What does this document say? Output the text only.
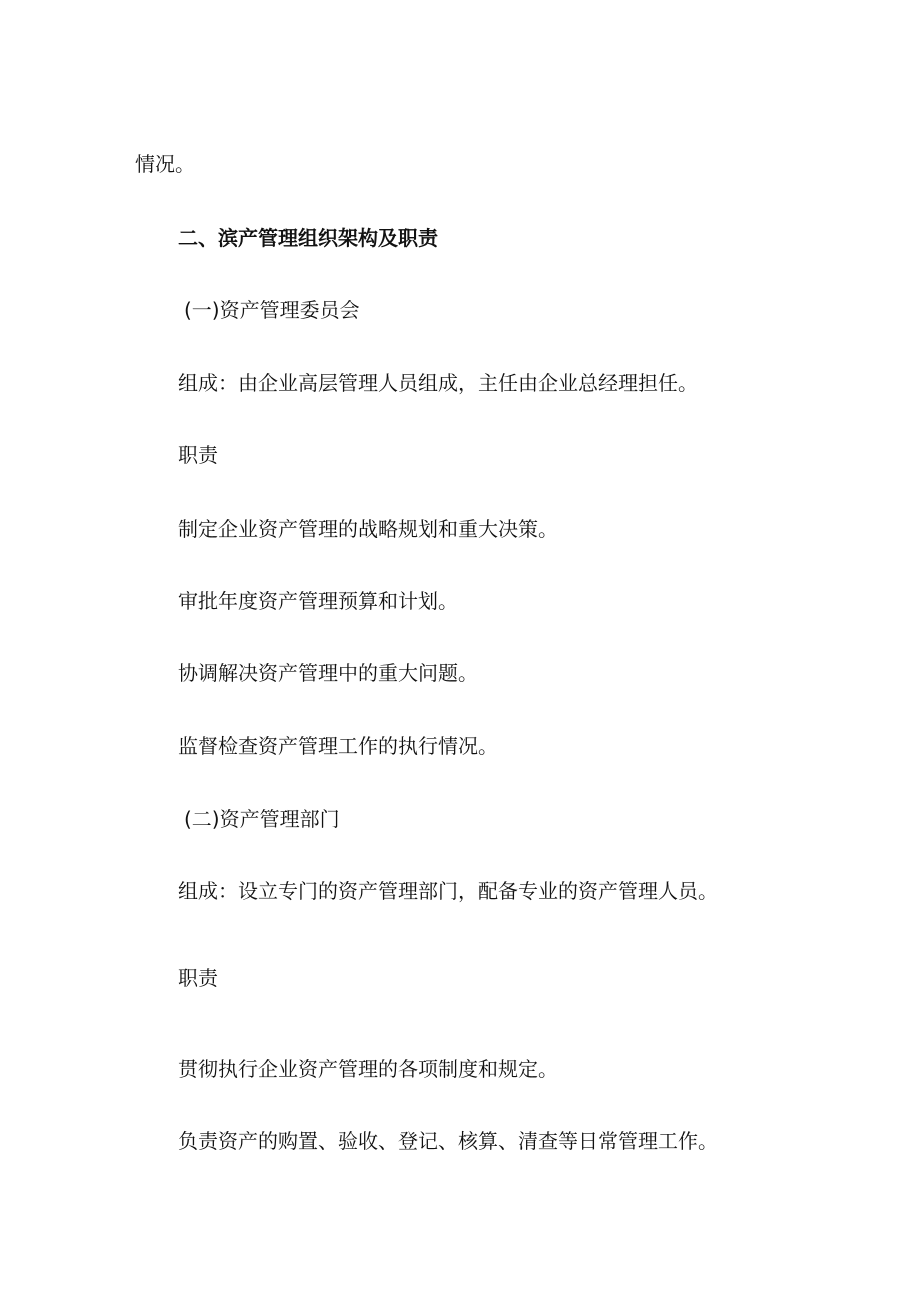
情况。
二、滨产管理组织架构及职责
(一)资产管理委员会
组成：由企业高层管理人员组成，主任由企业总经理担任。
职责
制定企业资产管理的战略规划和重大决策。
审批年度资产管理预算和计划。
协调解决资产管理中的重大问题。
监督检查资产管理工作的执行情况。
(二)资产管理部门
组成：设立专门的资产管理部门，配备专业的资产管理人员。
职责
贯彻执行企业资产管理的各项制度和规定。
负责资产的购置、验收、登记、核算、清查等日常管理工作。
